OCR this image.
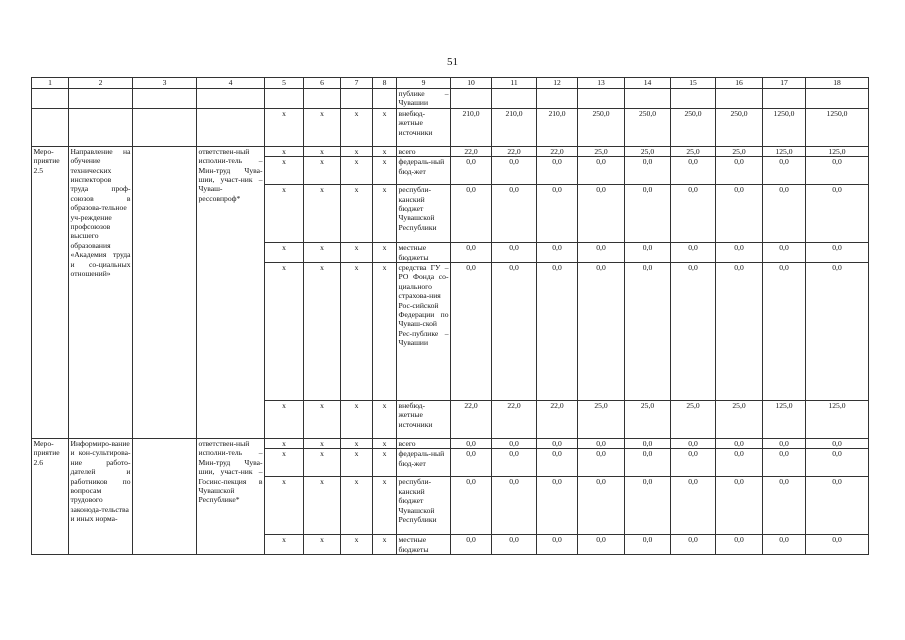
51
1	2	3	4	5	6	7	8	9	10	11	12	13	14	15	16	17	18
								публике – Чувашии									
				x	x	x	x	внебюд-жетные источники	210,0	210,0	210,0	250,0	250,0	250,0	250,0	1250,0	1250,0
Меро-приятие 2.5	Направление на обучение технических инспекторов труда проф-союзов в образова-тельное уч-реждение профсоюзов высшего образования «Академия труда и со-циальных отношений»		ответствен-ный исполни-тель – Мин-труд Чува-шии, участ-ник – Чуваш-рессовпроф*	x	x	x	x	всего	22,0	22,0	22,0	25,0	25,0	25,0	25,0	125,0	125,0
				x	x	x	x	федераль-ный бюд-жет	0,0	0,0	0,0	0,0	0,0	0,0	0,0	0,0	0,0
				x	x	x	x	республи-канский бюджет Чувашской Республики	0,0	0,0	0,0	0,0	0,0	0,0	0,0	0,0	0,0
				x	x	x	x	местные бюджеты	0,0	0,0	0,0	0,0	0,0	0,0	0,0	0,0	0,0
				x	x	x	x	средства ГУ – РО Фонда со-циального страхова-ния Рос-сийской Федерации по Чуваш-ской Рес-публике – Чувашии	0,0	0,0	0,0	0,0	0,0	0,0	0,0	0,0	0,0
				x	x	x	x	внебюд-жетные источники	22,0	22,0	22,0	25,0	25,0	25,0	25,0	125,0	125,0
Меро-приятие 2.6	Информиро-вание и кон-сультирова-ние работо-дателей и работников по вопросам трудового законода-тельства и иных норма-		ответствен-ный исполни-тель – Мин-труд Чува-шии, участ-ник – Госинс-пекция в Чувашской Республике*	x	x	x	x	всего	0,0	0,0	0,0	0,0	0,0	0,0	0,0	0,0	0,0
				x	x	x	x	федераль-ный бюд-жет	0,0	0,0	0,0	0,0	0,0	0,0	0,0	0,0	0,0
				x	x	x	x	республи-канский бюджет Чувашской Республики	0,0	0,0	0,0	0,0	0,0	0,0	0,0	0,0	0,0
				x	x	x	x	местные бюджеты	0,0	0,0	0,0	0,0	0,0	0,0	0,0	0,0	0,0
